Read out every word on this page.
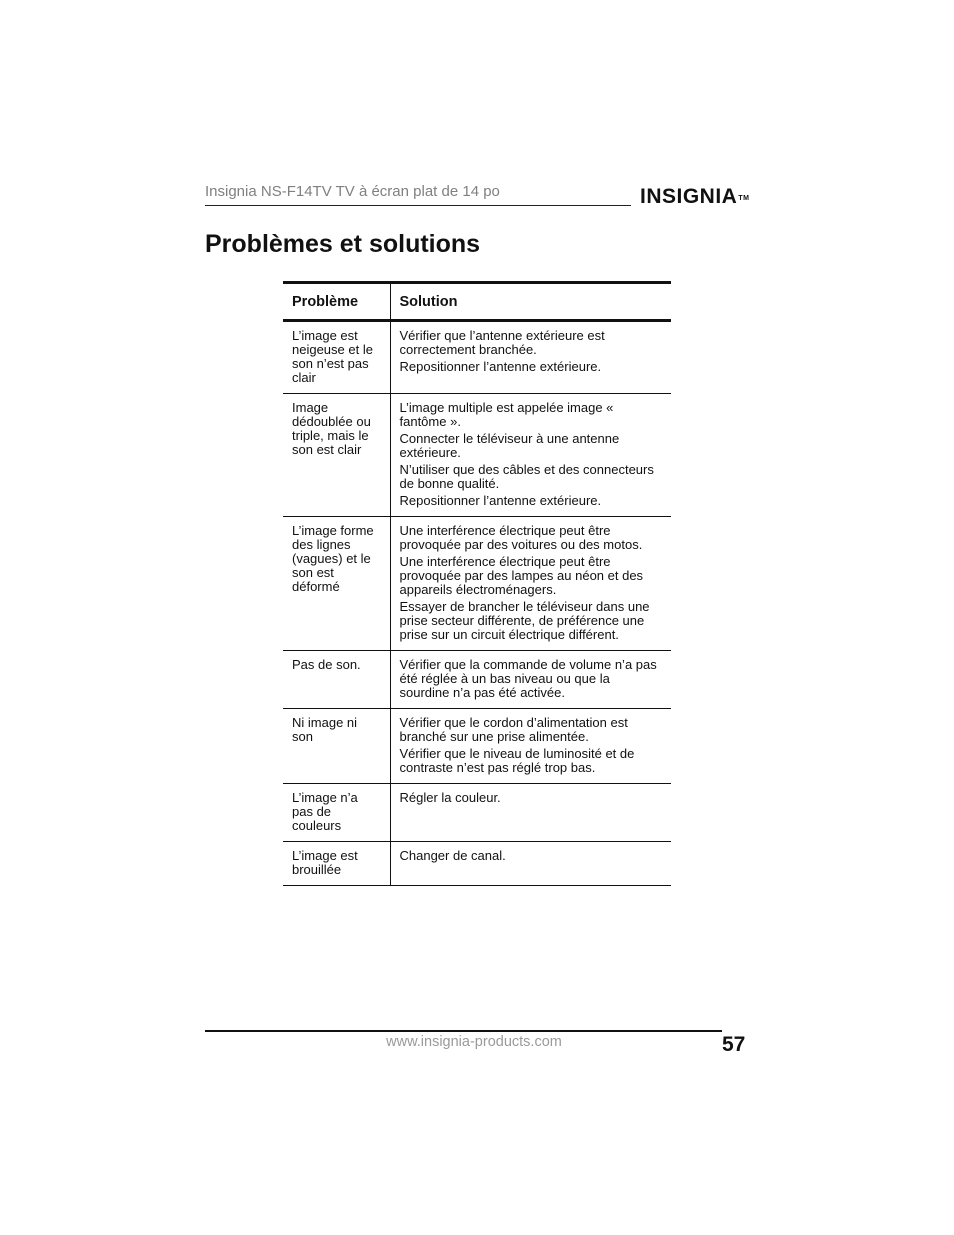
Insignia NS-F14TV TV à écran plat de 14 po	INSIGNIA™
Problèmes et solutions
Problème	Solution
L’image est neigeuse et le son n’est pas clair	Vérifier que l’antenne extérieure est correctement branchée.

Repositionner l’antenne extérieure.

Image dédoublée ou triple, mais le son est clair	L’image multiple est appelée image « fantôme ».

Connecter le téléviseur à une antenne extérieure.

N’utiliser que des câbles et des connecteurs de bonne qualité.

Repositionner l’antenne extérieure.

L’image forme des lignes (vagues) et le son est déformé	Une interférence électrique peut être provoquée par des voitures ou des motos.

Une interférence électrique peut être provoquée par des lampes au néon et des appareils électroménagers.

Essayer de brancher le téléviseur dans une prise secteur différente, de préférence une prise sur un circuit électrique différent.

Pas de son.	Vérifier que la commande de volume n’a pas été réglée à un bas niveau ou que la sourdine n’a pas été activée.

Ni image ni son	Vérifier que le cordon d’alimentation est branché sur une prise alimentée.

Vérifier que le niveau de luminosité et de contraste n’est pas réglé trop bas.

L’image n’a pas de couleurs	Régler la couleur.

L’image est brouillée	Changer de canal.

www.insignia-products.com	57
